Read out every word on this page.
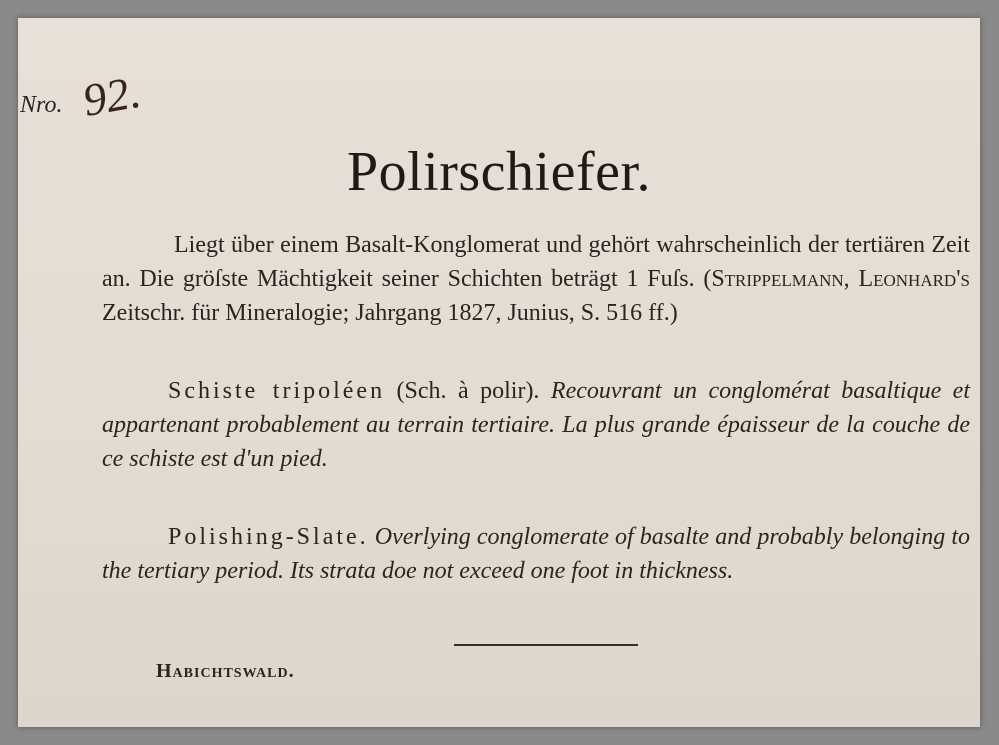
Nro. 92.
Polirschiefer.
Liegt über einem Basalt-Konglomerat und gehört wahrscheinlich der tertiären Zeit an. Die gröſste Mächtigkeit seiner Schichten beträgt 1 Fuſs. (Strippelmann, Leonhard's Zeitschr. für Mineralogie; Jahrgang 1827, Junius, S. 516 ff.)
Schiste tripoléen (Sch. à polir). Recouvrant un conglomérat basaltique et appartenant probablement au terrain tertiaire. La plus grande épaisseur de la couche de ce schiste est d'un pied.
Polishing-Slate. Overlying conglomerate of basalte and probably belonging to the tertiary period. Its strata doe not exceed one foot in thickness.
Habichtswald.
